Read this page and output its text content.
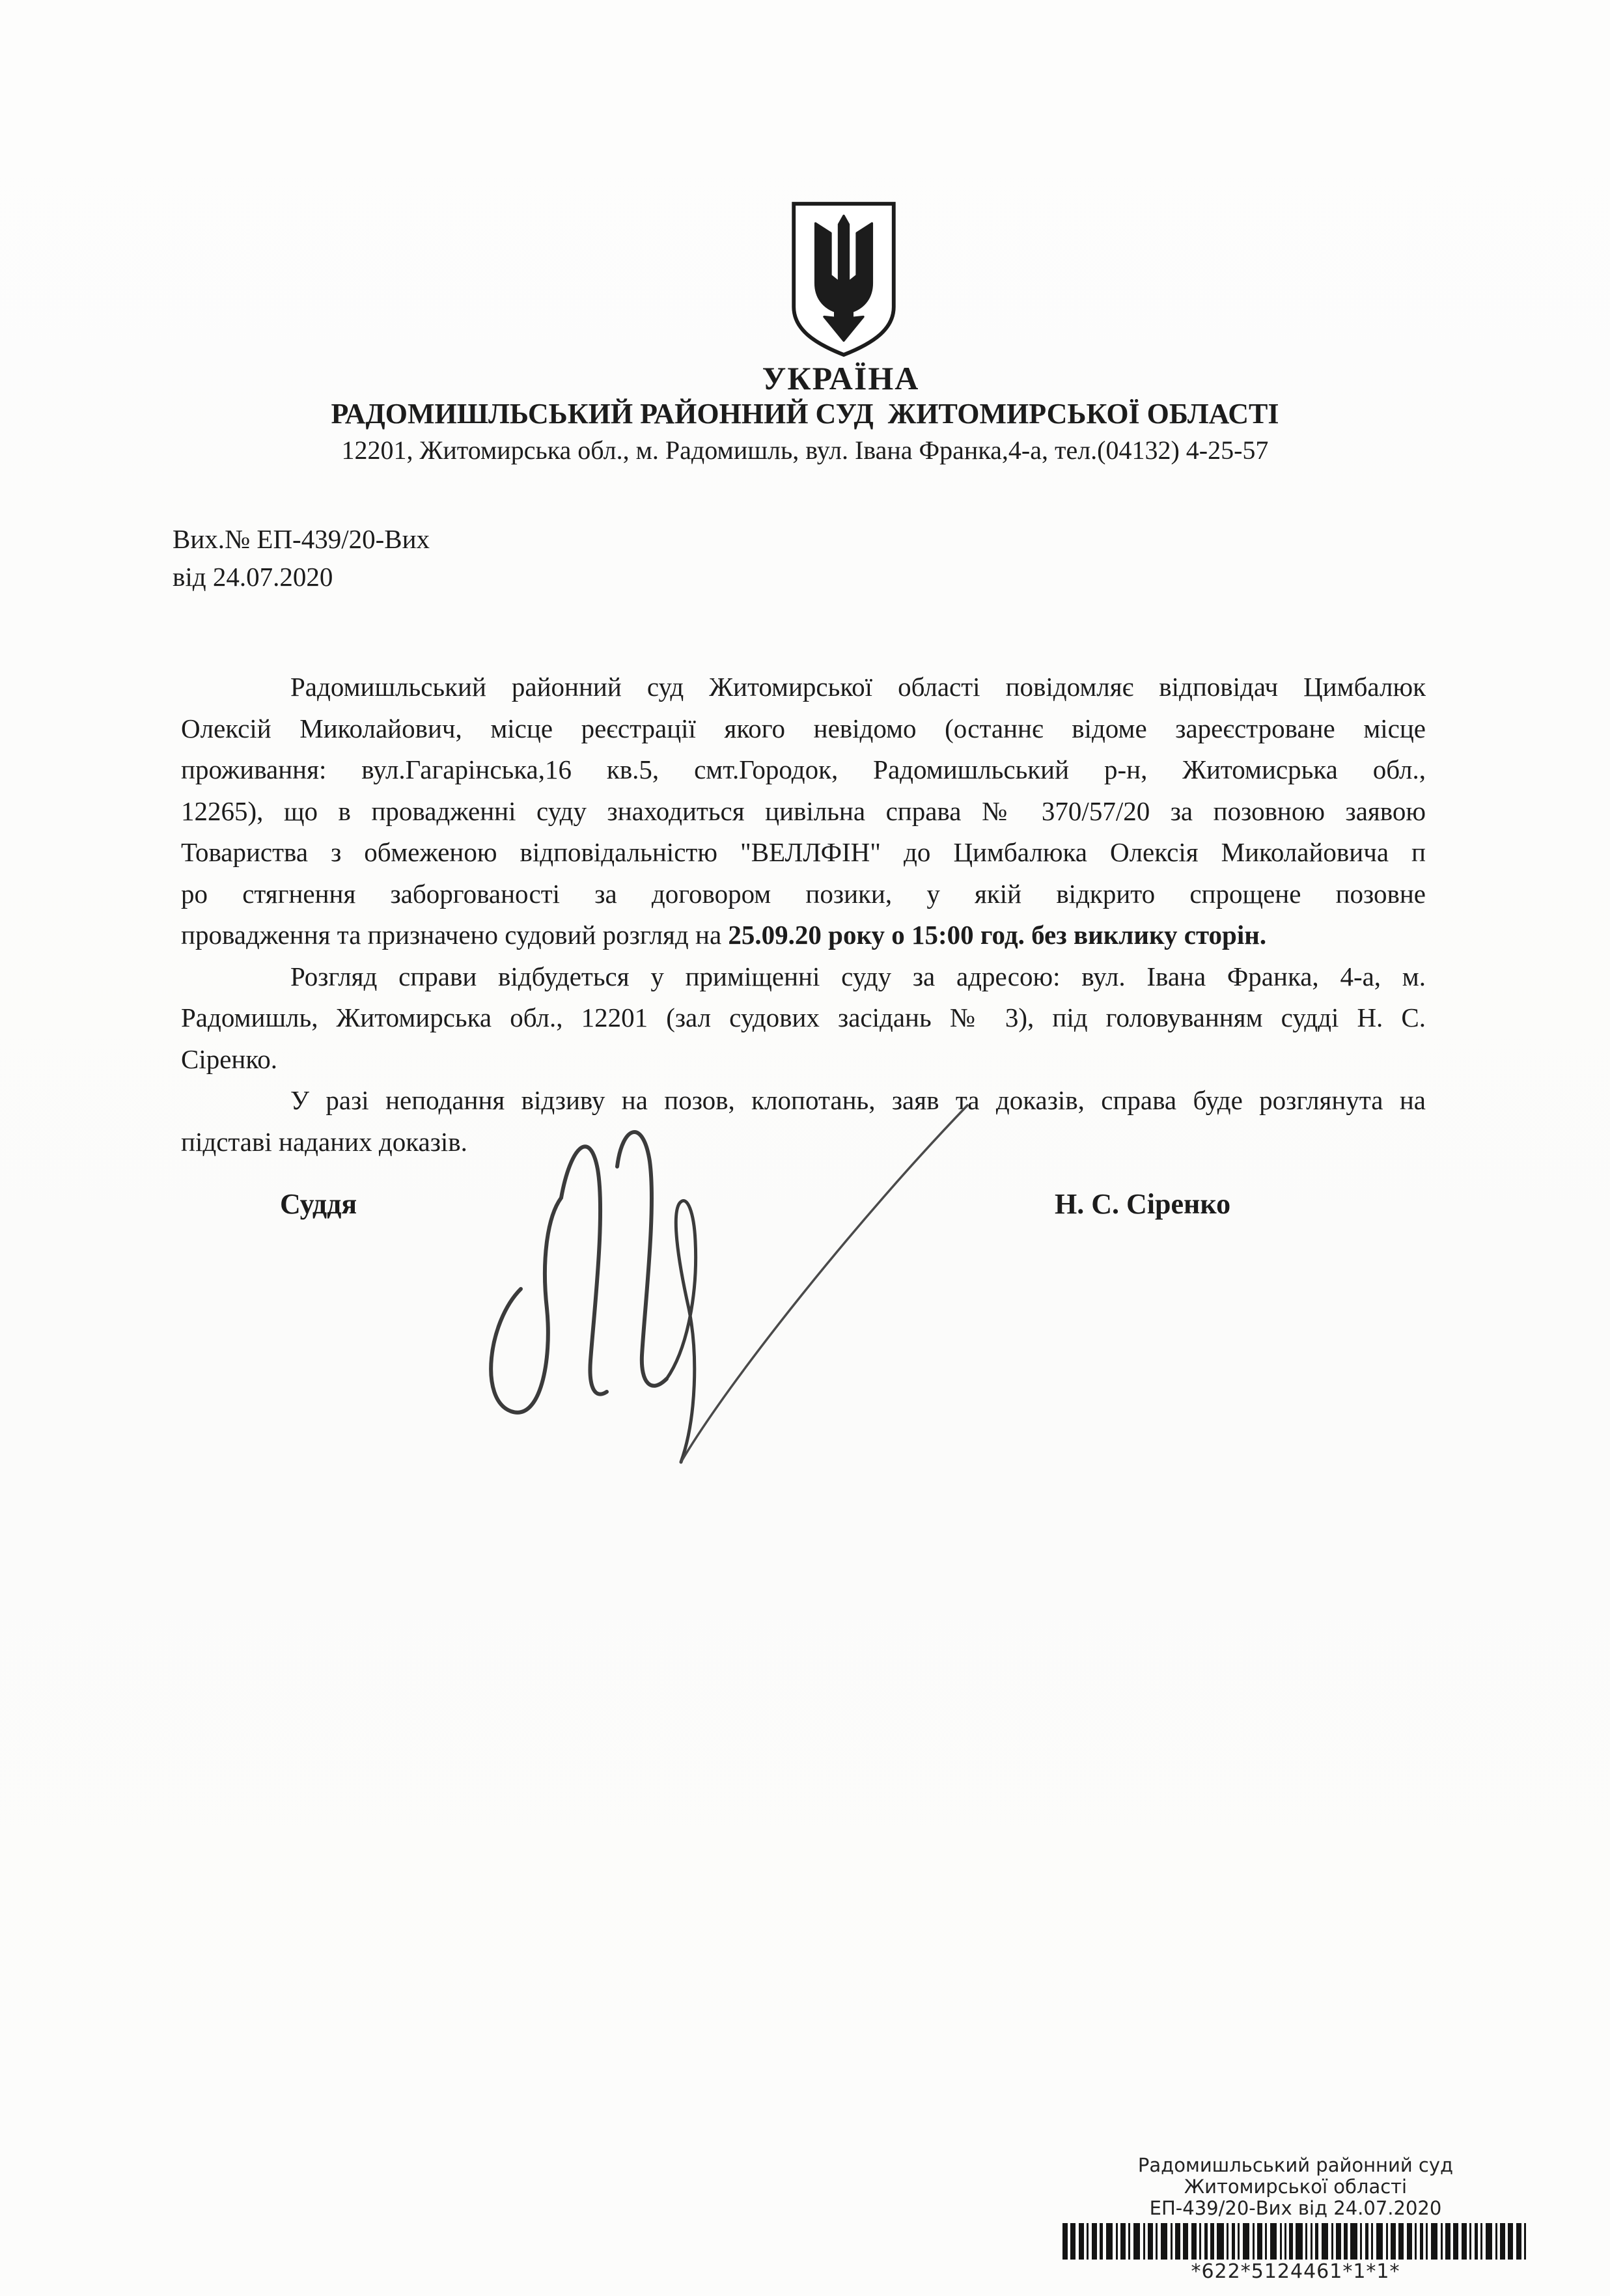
УКРАЇНА
РАДОМИШЛЬСЬКИЙ РАЙОННИЙ СУД  ЖИТОМИРСЬКОЇ ОБЛАСТІ
12201, Житомирська обл., м. Радомишль, вул. Івана Франка,4-а, тел.(04132) 4-25-57
Вих.№ ЕП-439/20-Вих
від 24.07.2020
Радомишльський районний суд Житомирської області повідомляє відповідач Цимбалюк
Олексій Миколайович, місце реєстрації якого невідомо (останнє відоме зареєстроване місце
проживання: вул.Гагарінська,16 кв.5, смт.Городок, Радомишльський р-н, Житомисрька обл.,
12265), що в провадженні суду знаходиться цивільна справа № 370/57/20 за позовною заявою
Товариства з обмеженою відповідальністю "ВЕЛЛФІН" до Цимбалюка Олексія Миколайовича п
ро стягнення заборгованості за договором позики, у якій відкрито спрощене позовне
провадження та призначено судовий розгляд на 25.09.20 року о 15:00 год. без виклику сторін.
Розгляд справи відбудеться у приміщенні суду за адресою: вул. Івана Франка, 4-а, м.
Радомишль, Житомирська обл., 12201 (зал судових засідань № 3), під головуванням судді Н. С.
Сіренко.
У разі неподання відзиву на позов, клопотань, заяв та доказів, справа буде розглянута на
підставі наданих доказів.
Суддя	Н. С. Сіренко
Радомишльський районний суд
Житомирської області
ЕП-439/20-Вих від 24.07.2020
*622*5124461*1*1*
